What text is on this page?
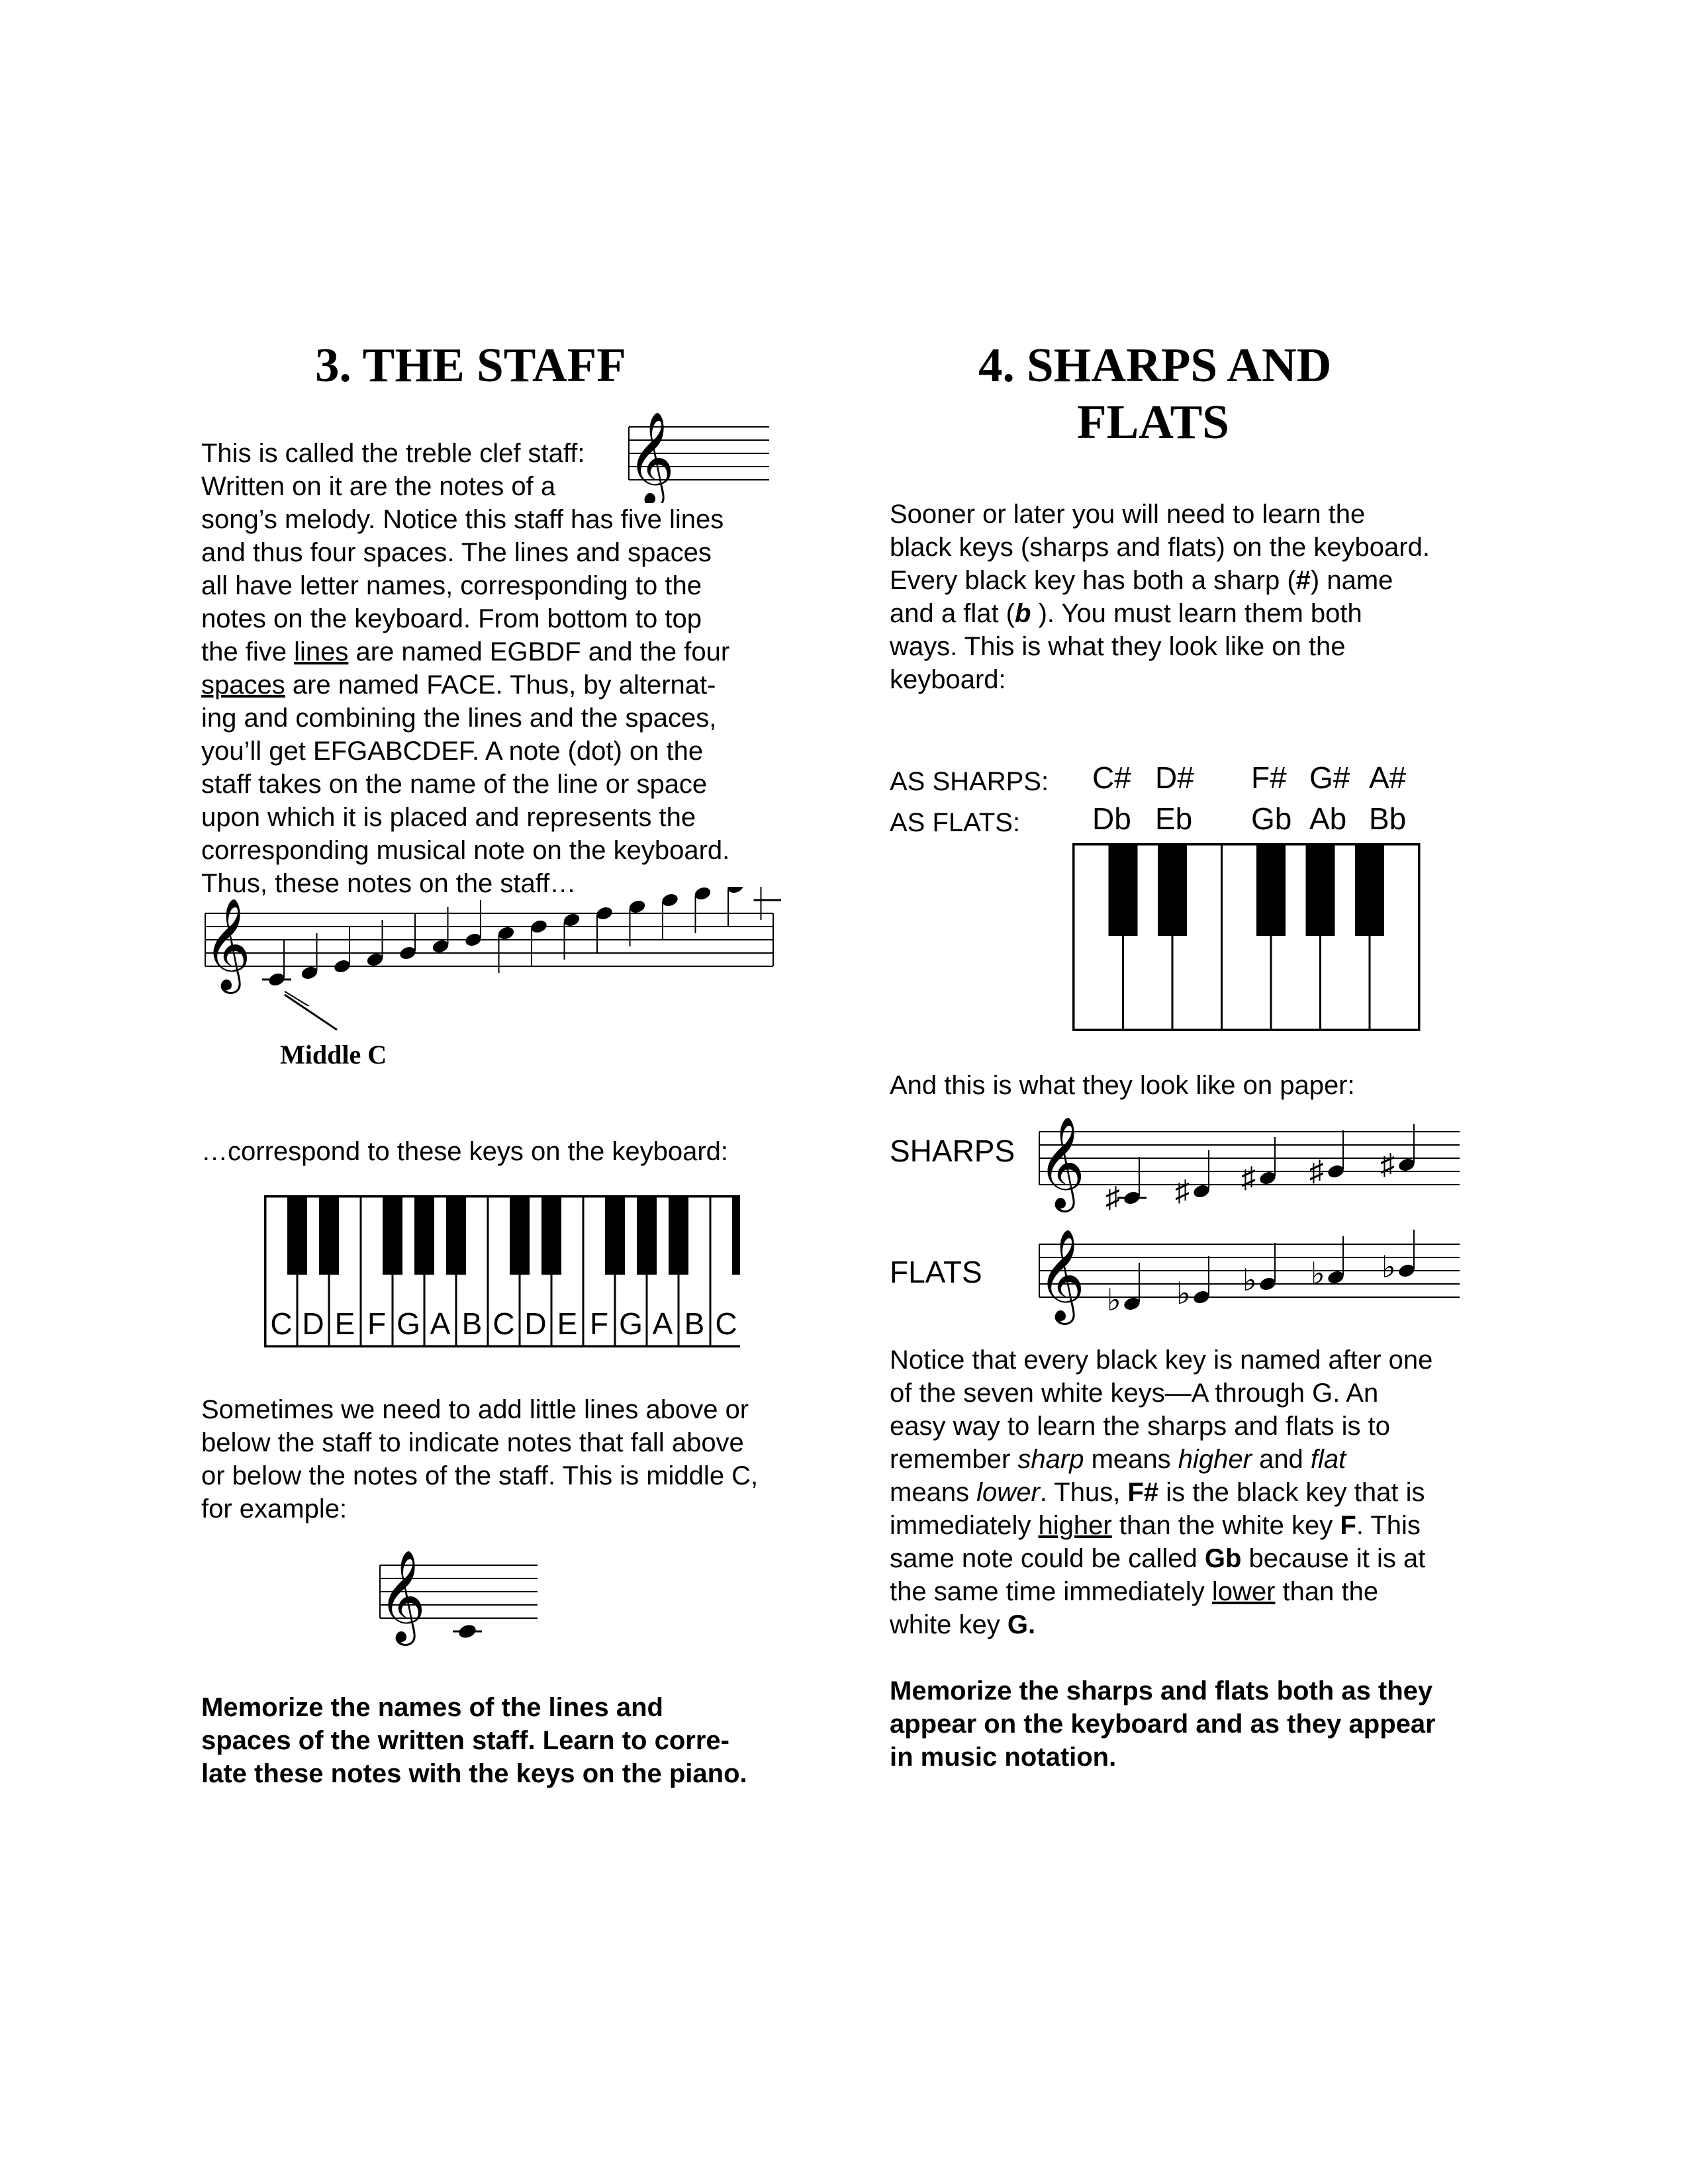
3. THE STAFF
𝄞
This is called the treble clef staff:
Written on it are the notes of a
song’s melody. Notice this staff has five lines
and thus four spaces. The lines and spaces
all have letter names, corresponding to the
notes on the keyboard. From bottom to top
the five lines are named EGBDF and the four
spaces are named FACE. Thus, by alternat-
ing and combining the lines and the spaces,
you’ll get EFGABCDEF. A note (dot) on the
staff takes on the name of the line or space
upon which it is placed and represents the
corresponding musical note on the keyboard.
Thus, these notes on the staff…
𝄞
Middle C
…correspond to these keys on the keyboard:
C D E F G A B C D E F G A B C
Sometimes we need to add little lines above or
below the staff to indicate notes that fall above
or below the notes of the staff. This is middle C,
for example:
𝄞
Memorize the names of the lines and
spaces of the written staff. Learn to corre-
late these notes with the keys on the piano.
4. SHARPS AND
FLATS
Sooner or later you will need to learn the
black keys (sharps and flats) on the keyboard.
Every black key has both a sharp (#) name
and a flat (b ). You must learn them both
ways. This is what they look like on the
keyboard:
AS SHARPS:
AS FLATS:
C# D# F# G# A#
Db Eb Gb Ab Bb
And this is what they look like on paper:
SHARPS 𝄞 ♯ ♯ ♯ ♯ ♯
FLATS 𝄞 ♭ ♭ ♭ ♭ ♭
Notice that every black key is named after one
of the seven white keys—A through G. An
easy way to learn the sharps and flats is to
remember sharp means higher and flat
means lower. Thus, F# is the black key that is
immediately higher than the white key F. This
same note could be called Gb because it is at
the same time immediately lower than the
white key G.
Memorize the sharps and flats both as they
appear on the keyboard and as they appear
in music notation.
